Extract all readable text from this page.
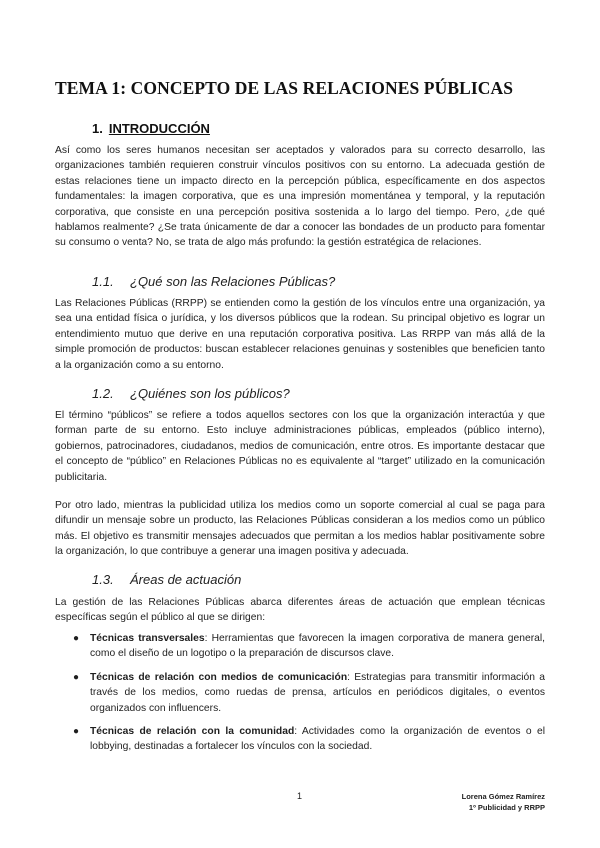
TEMA 1: CONCEPTO DE LAS RELACIONES PÚBLICAS
1. INTRODUCCIÓN

Así como los seres humanos necesitan ser aceptados y valorados para su correcto desarrollo, las organizaciones también requieren construir vínculos positivos con su entorno. La adecuada gestión de estas relaciones tiene un impacto directo en la percepción pública, específicamente en dos aspectos fundamentales: la imagen corporativa, que es una impresión momentánea y temporal, y la reputación corporativa, que consiste en una percepción positiva sostenida a lo largo del tiempo. Pero, ¿de qué hablamos realmente? ¿Se trata únicamente de dar a conocer las bondades de un producto para fomentar su consumo o venta? No, se trata de algo más profundo: la gestión estratégica de relaciones.

1.1. ¿Qué son las Relaciones Públicas?

Las Relaciones Públicas (RRPP) se entienden como la gestión de los vínculos entre una organización, ya sea una entidad física o jurídica, y los diversos públicos que la rodean. Su principal objetivo es lograr un entendimiento mutuo que derive en una reputación corporativa positiva. Las RRPP van más allá de la simple promoción de productos: buscan establecer relaciones genuinas y sostenibles que beneficien tanto a la organización como a su entorno.

1.2. ¿Quiénes son los públicos?

El término “públicos” se refiere a todos aquellos sectores con los que la organización interactúa y que forman parte de su entorno. Esto incluye administraciones públicas, empleados (público interno), gobiernos, patrocinadores, ciudadanos, medios de comunicación, entre otros. Es importante destacar que el concepto de “público” en Relaciones Públicas no es equivalente al “target” utilizado en la comunicación publicitaria.

Por otro lado, mientras la publicidad utiliza los medios como un soporte comercial al cual se paga para difundir un mensaje sobre un producto, las Relaciones Públicas consideran a los medios como un público más. El objetivo es transmitir mensajes adecuados que permitan a los medios hablar positivamente sobre la organización, lo que contribuye a generar una imagen positiva y adecuada.

1.3. Áreas de actuación

La gestión de las Relaciones Públicas abarca diferentes áreas de actuación que emplean técnicas específicas según el público al que se dirigen:

● Técnicas transversales: Herramientas que favorecen la imagen corporativa de manera general, como el diseño de un logotipo o la preparación de discursos clave.
● Técnicas de relación con medios de comunicación: Estrategias para transmitir información a través de los medios, como ruedas de prensa, artículos en periódicos digitales, o eventos organizados con influencers.
● Técnicas de relación con la comunidad: Actividades como la organización de eventos o el lobbying, destinadas a fortalecer los vínculos con la sociedad.
1	Lorena Gómez Ramírez
1º Publicidad y RRPP
